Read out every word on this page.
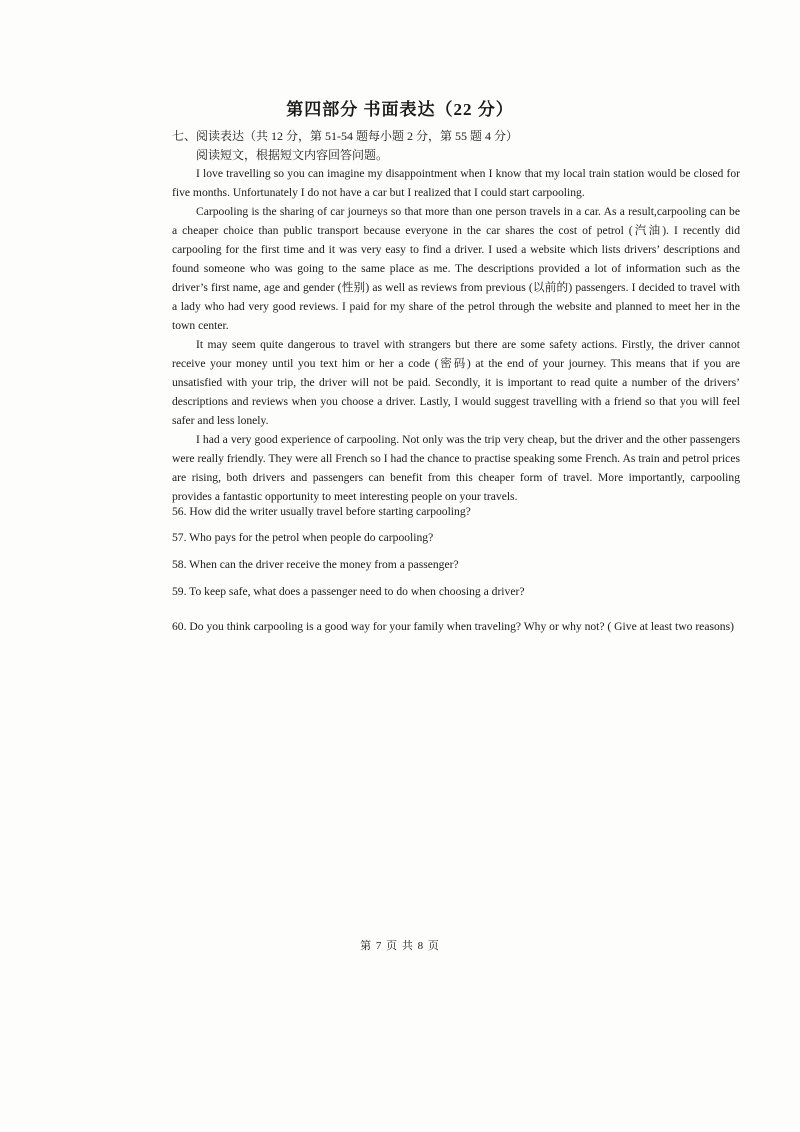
第四部分 书面表达（22 分）
七、阅读表达（共 12 分，第 51-54 题每小题 2 分，第 55 题 4 分）
阅读短文，根据短文内容回答问题。

I love travelling so you can imagine my disappointment when I know that my local train station would be closed for five months. Unfortunately I do not have a car but I realized that I could start carpooling.

Carpooling is the sharing of car journeys so that more than one person travels in a car. As a result,carpooling can be a cheaper choice than public transport because everyone in the car shares the cost of petrol (汽油). I recently did carpooling for the first time and it was very easy to find a driver. I used a website which lists drivers’ descriptions and found someone who was going to the same place as me. The descriptions provided a lot of information such as the driver’s first name, age and gender (性别) as well as reviews from previous (以前的) passengers. I decided to travel with a lady who had very good reviews. I paid for my share of the petrol through the website and planned to meet her in the town center.

It may seem quite dangerous to travel with strangers but there are some safety actions. Firstly, the driver cannot receive your money until you text him or her a code (密码) at the end of your journey. This means that if you are unsatisfied with your trip, the driver will not be paid. Secondly, it is important to read quite a number of the drivers’ descriptions and reviews when you choose a driver. Lastly, I would suggest travelling with a friend so that you will feel safer and less lonely.

I had a very good experience of carpooling. Not only was the trip very cheap, but the driver and the other passengers were really friendly. They were all French so I had the chance to practise speaking some French. As train and petrol prices are rising, both drivers and passengers can benefit from this cheaper form of travel. More importantly, carpooling provides a fantastic opportunity to meet interesting people on your travels.

56. How did the writer usually travel before starting carpooling?
57. Who pays for the petrol when people do carpooling?
58. When can the driver receive the money from a passenger?
59. To keep safe, what does a passenger need to do when choosing a driver?
60. Do you think carpooling is a good way for your family when traveling? Why or why not? ( Give at least two reasons)
第 7 页 共 8 页
